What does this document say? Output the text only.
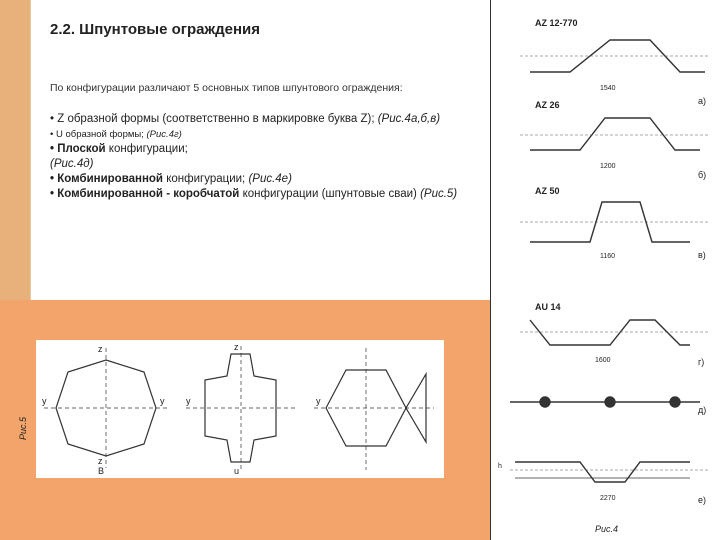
2.2. Шпунтовые ограждения
По конфигурации различают 5 основных типов шпунтового ограждения:
• Z образной формы (соответственно в маркировке буква Z); (Рис.4а,б,в)
• U образной формы; (Рис.4г)
• Плоской конфигурации;
(Рис.4д)
• Комбинированной конфигурации; (Рис.4е)
• Комбинированной - коробчатой конфигурации (шпунтовые сваи) (Рис.5)
z
y	y
z
B
z
y
u
y
Рис.5
AZ 12-770
AZ 26
AZ 50
AU 14
1540
1200
1160
1600
2270
h
а)
б)
в)
г)
д)
е)
Рис.4
